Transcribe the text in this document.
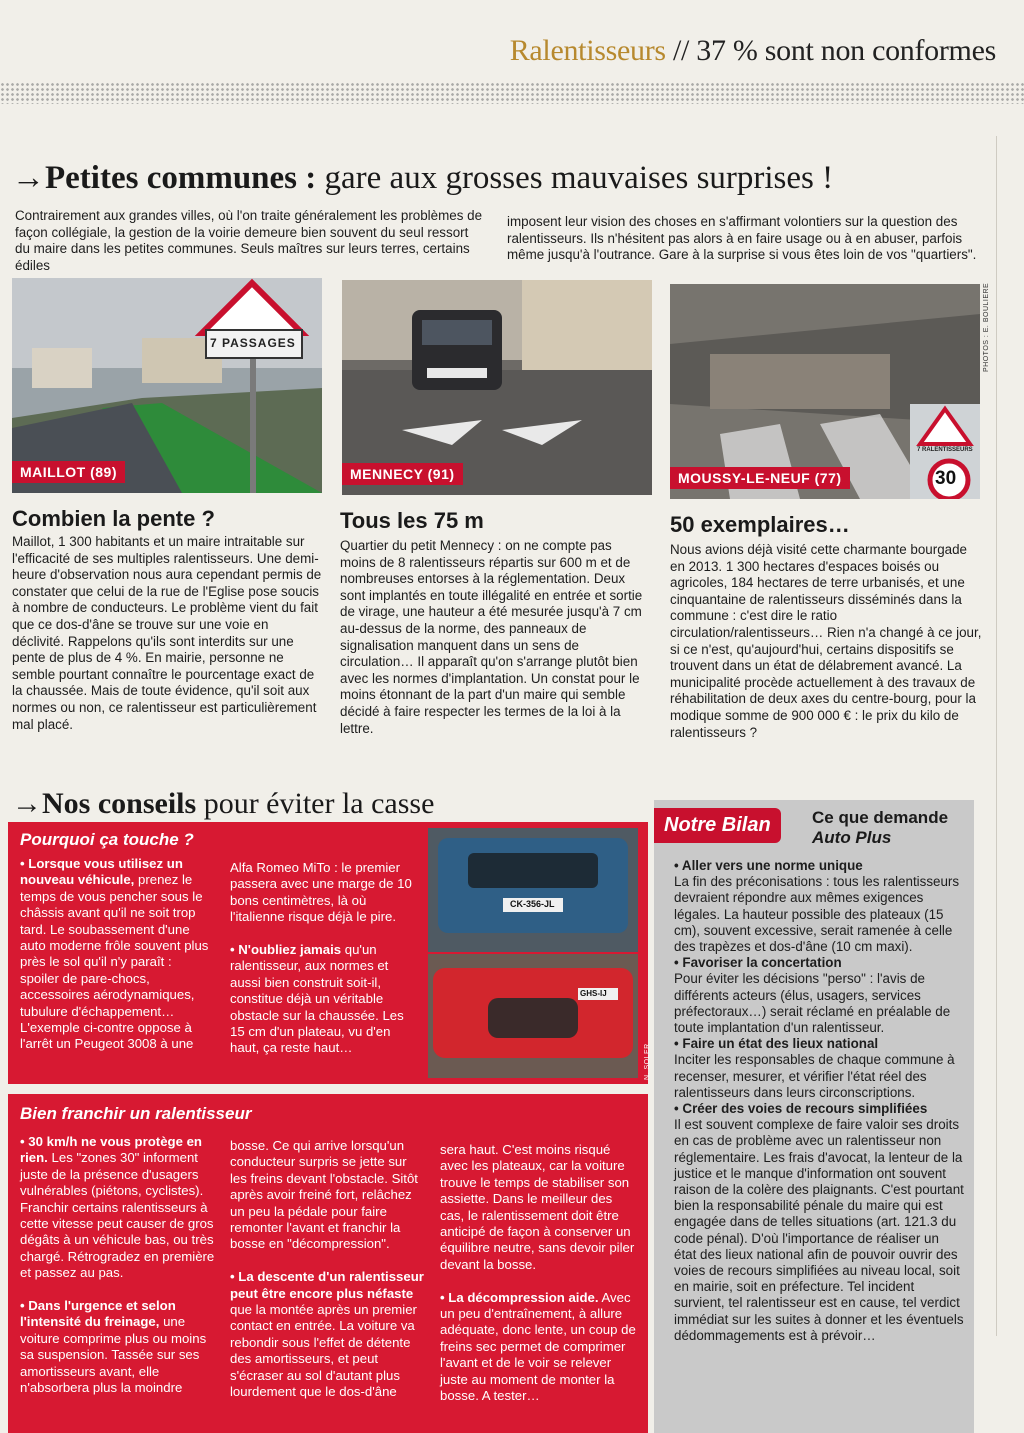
Ralentisseurs // 37 % sont non conformes
→Petites communes : gare aux grosses mauvaises surprises !
Contrairement aux grandes villes, où l'on traite généralement les problèmes de façon collégiale, la gestion de la voirie demeure bien souvent du seul ressort du maire dans les petites communes. Seuls maîtres sur leurs terres, certains édiles
imposent leur vision des choses en s'affirmant volontiers sur la question des ralentisseurs. Ils n'hésitent pas alors à en faire usage ou à en abuser, parfois même jusqu'à l'outrance. Gare à la surprise si vous êtes loin de vos "quartiers".
7 PASSAGES
MAILLOT (89)	MENNECY (91)
7 RALENTISSEURS
30
MOUSSY-LE-NEUF (77)
PHOTOS : E. BOULIERE
Combien la pente ?
Maillot, 1 300 habitants et un maire intraitable sur l'efficacité de ses multiples ralentisseurs. Une demi-heure d'observation nous aura cependant permis de constater que celui de la rue de l'Eglise pose soucis à nombre de conducteurs. Le problème vient du fait que ce dos-d'âne se trouve sur une voie en déclivité. Rappelons qu'ils sont interdits sur une pente de plus de 4 %. En mairie, personne ne semble pourtant connaître le pourcentage exact de la chaussée. Mais de toute évidence, qu'il soit aux normes ou non, ce ralentisseur est particulièrement mal placé.
Tous les 75 m
Quartier du petit Mennecy : on ne compte pas moins de 8 ralentisseurs répartis sur 600 m et de nombreuses entorses à la réglementation. Deux sont implantés en toute illégalité en entrée et sortie de virage, une hauteur a été mesurée jusqu'à 7 cm au-dessus de la norme, des panneaux de signalisation manquent dans un sens de circulation… Il apparaît qu'on s'arrange plutôt bien avec les normes d'implantation. Un constat pour le moins étonnant de la part d'un maire qui semble décidé à faire respecter les termes de la loi à la lettre.
50 exemplaires…
Nous avions déjà visité cette charmante bourgade en 2013. 1 300 hectares d'espaces boisés ou agricoles, 184 hectares de terre urbanisés, et une cinquantaine de ralentisseurs disséminés dans la commune : c'est dire le ratio circulation/ralentisseurs… Rien n'a changé à ce jour, si ce n'est, qu'aujourd'hui, certains dispositifs se trouvent dans un état de délabrement avancé. La municipalité procède actuellement à des travaux de réhabilitation de deux axes du centre-bourg, pour la modique somme de 900 000 € : le prix du kilo de ralentisseurs ?
→Nos conseils pour éviter la casse
Pourquoi ça touche ?
• Lorsque vous utilisez un nouveau véhicule, prenez le temps de vous pencher sous le châssis avant qu'il ne soit trop tard. Le soubassement d'une auto moderne frôle souvent plus près le sol qu'il n'y paraît : spoiler de pare-chocs, accessoires aérodynamiques, tubulure d'échappement… L'exemple ci-contre oppose à l'arrêt un Peugeot 3008 à une
Alfa Romeo MiTo : le premier passera avec une marge de 10 bons centimètres, là où l'italienne risque déjà le pire.

• N'oubliez jamais qu'un ralentisseur, aux normes et aussi bien construit soit-il, constitue déjà un véritable obstacle sur la chaussée. Les 15 cm d'un plateau, vu d'en haut, ça reste haut…
CK-356-JL
GHS-IJ
N. SOLER
Bien franchir un ralentisseur
• 30 km/h ne vous protège en rien. Les "zones 30" informent juste de la présence d'usagers vulnérables (piétons, cyclistes). Franchir certains ralentisseurs à cette vitesse peut causer de gros dégâts à un véhicule bas, ou très chargé. Rétrogradez en première et passez au pas.

• Dans l'urgence et selon l'intensité du freinage, une voiture comprime plus ou moins sa suspension. Tassée sur ses amortisseurs avant, elle n'absorbera plus la moindre
bosse. Ce qui arrive lorsqu'un conducteur surpris se jette sur les freins devant l'obstacle. Sitôt après avoir freiné fort, relâchez un peu la pédale pour faire remonter l'avant et franchir la bosse en "décompression".

• La descente d'un ralentisseur peut être encore plus néfaste que la montée après un premier contact en entrée. La voiture va rebondir sous l'effet de détente des amortisseurs, et peut s'écraser au sol d'autant plus lourdement que le dos-d'âne
sera haut. C'est moins risqué avec les plateaux, car la voiture trouve le temps de stabiliser son assiette. Dans le meilleur des cas, le ralentissement doit être anticipé de façon à conserver un équilibre neutre, sans devoir piler devant la bosse.

• La décompression aide. Avec un peu d'entraînement, à allure adéquate, donc lente, un coup de freins sec permet de comprimer l'avant et de le voir se relever juste au moment de monter la bosse. A tester…
Notre Bilan	Ce que demande
Auto Plus
• Aller vers une norme unique
La fin des préconisations : tous les ralentisseurs devraient répondre aux mêmes exigences légales. La hauteur possible des plateaux (15 cm), souvent excessive, serait ramenée à celle des trapèzes et dos-d'âne (10 cm maxi).
• Favoriser la concertation
Pour éviter les décisions "perso" : l'avis de différents acteurs (élus, usagers, services préfectoraux…) serait réclamé en préalable de toute implantation d'un ralentisseur.
• Faire un état des lieux national
Inciter les responsables de chaque commune à recenser, mesurer, et vérifier l'état réel des ralentisseurs dans leurs circonscriptions.
• Créer des voies de recours simplifiées
Il est souvent complexe de faire valoir ses droits en cas de problème avec un ralentisseur non réglementaire. Les frais d'avocat, la lenteur de la justice et le manque d'information ont souvent raison de la colère des plaignants. C'est pourtant bien la responsabilité pénale du maire qui est engagée dans de telles situations (art. 121.3 du code pénal). D'où l'importance de réaliser un état des lieux national afin de pouvoir ouvrir des voies de recours simplifiées au niveau local, soit en mairie, soit en préfecture. Tel incident survient, tel ralentisseur est en cause, tel verdict immédiat sur les suites à donner et les éventuels dédommagements est à prévoir…
